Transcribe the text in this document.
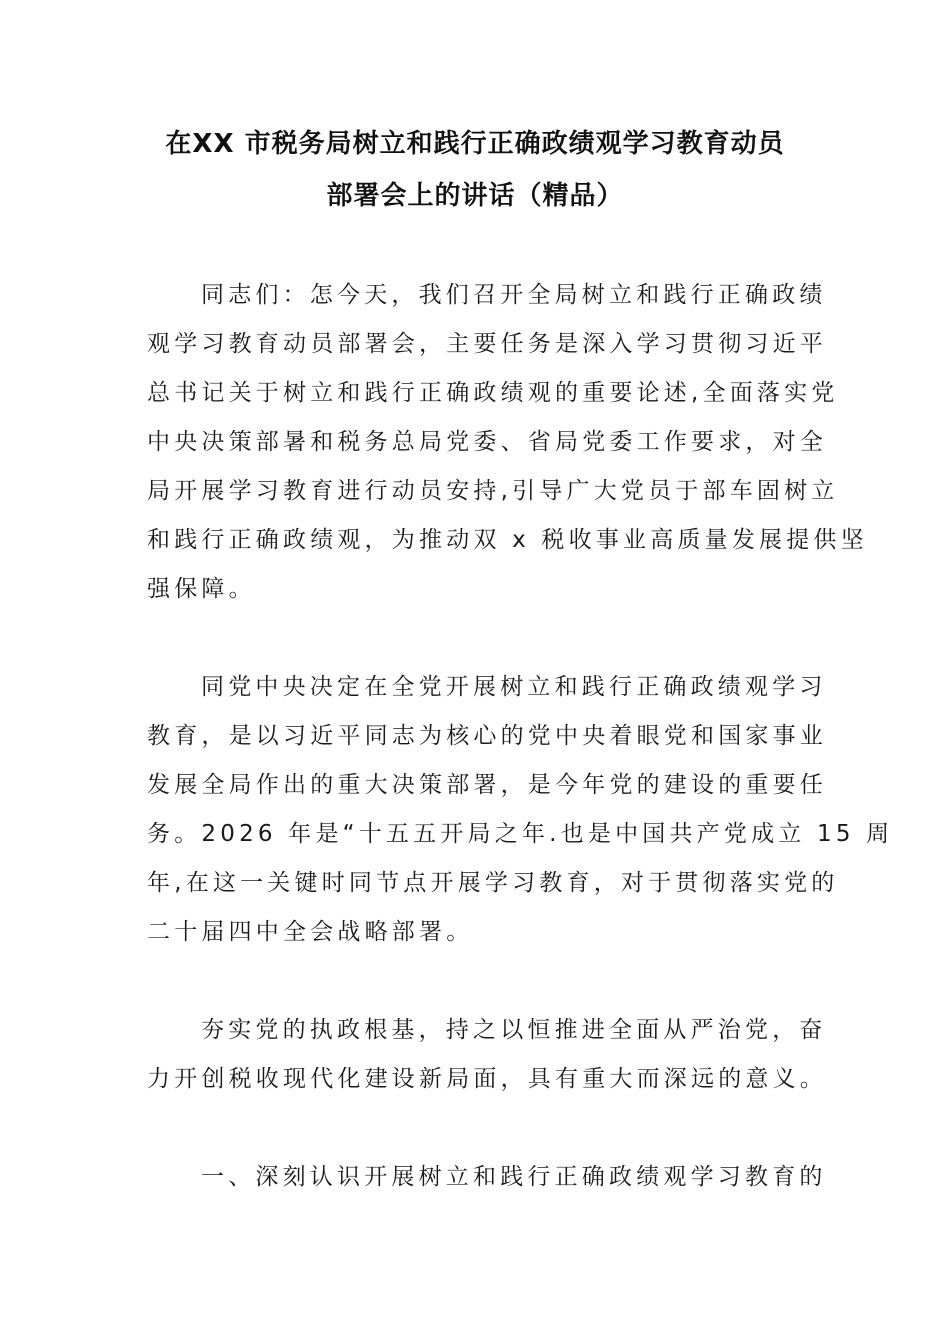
在XX 市税务局树立和践行正确政绩观学习教育动员
部署会上的讲话（精品）
同志们：怎今天，我们召开全局树立和践行正确政绩
观学习教育动员部署会，主要任务是深入学习贯彻习近平
总书记关于树立和践行正确政绩观的重要论述,全面落实党
中央决策部暑和税务总局党委、省局党委工作要求，对全
局开展学习教育进行动员安持,引导广大党员于部车固树立
和践行正确政绩观，为推动双 x 税收事业高质量发展提供坚
强保障。
同党中央决定在全党开展树立和践行正确政绩观学习
教育，是以习近平同志为核心的党中央着眼党和国家事业
发展全局作出的重大决策部署，是今年党的建设的重要任
务。2026 年是“十五五开局之年.也是中国共产党成立 15 周
年,在这一关键时同节点开展学习教育，对于贯彻落实党的
二十届四中全会战略部署。
夯实党的执政根基，持之以恒推进全面从严治党，奋
力开创税收现代化建设新局面，具有重大而深远的意义。
一、深刻认识开展树立和践行正确政绩观学习教育的
